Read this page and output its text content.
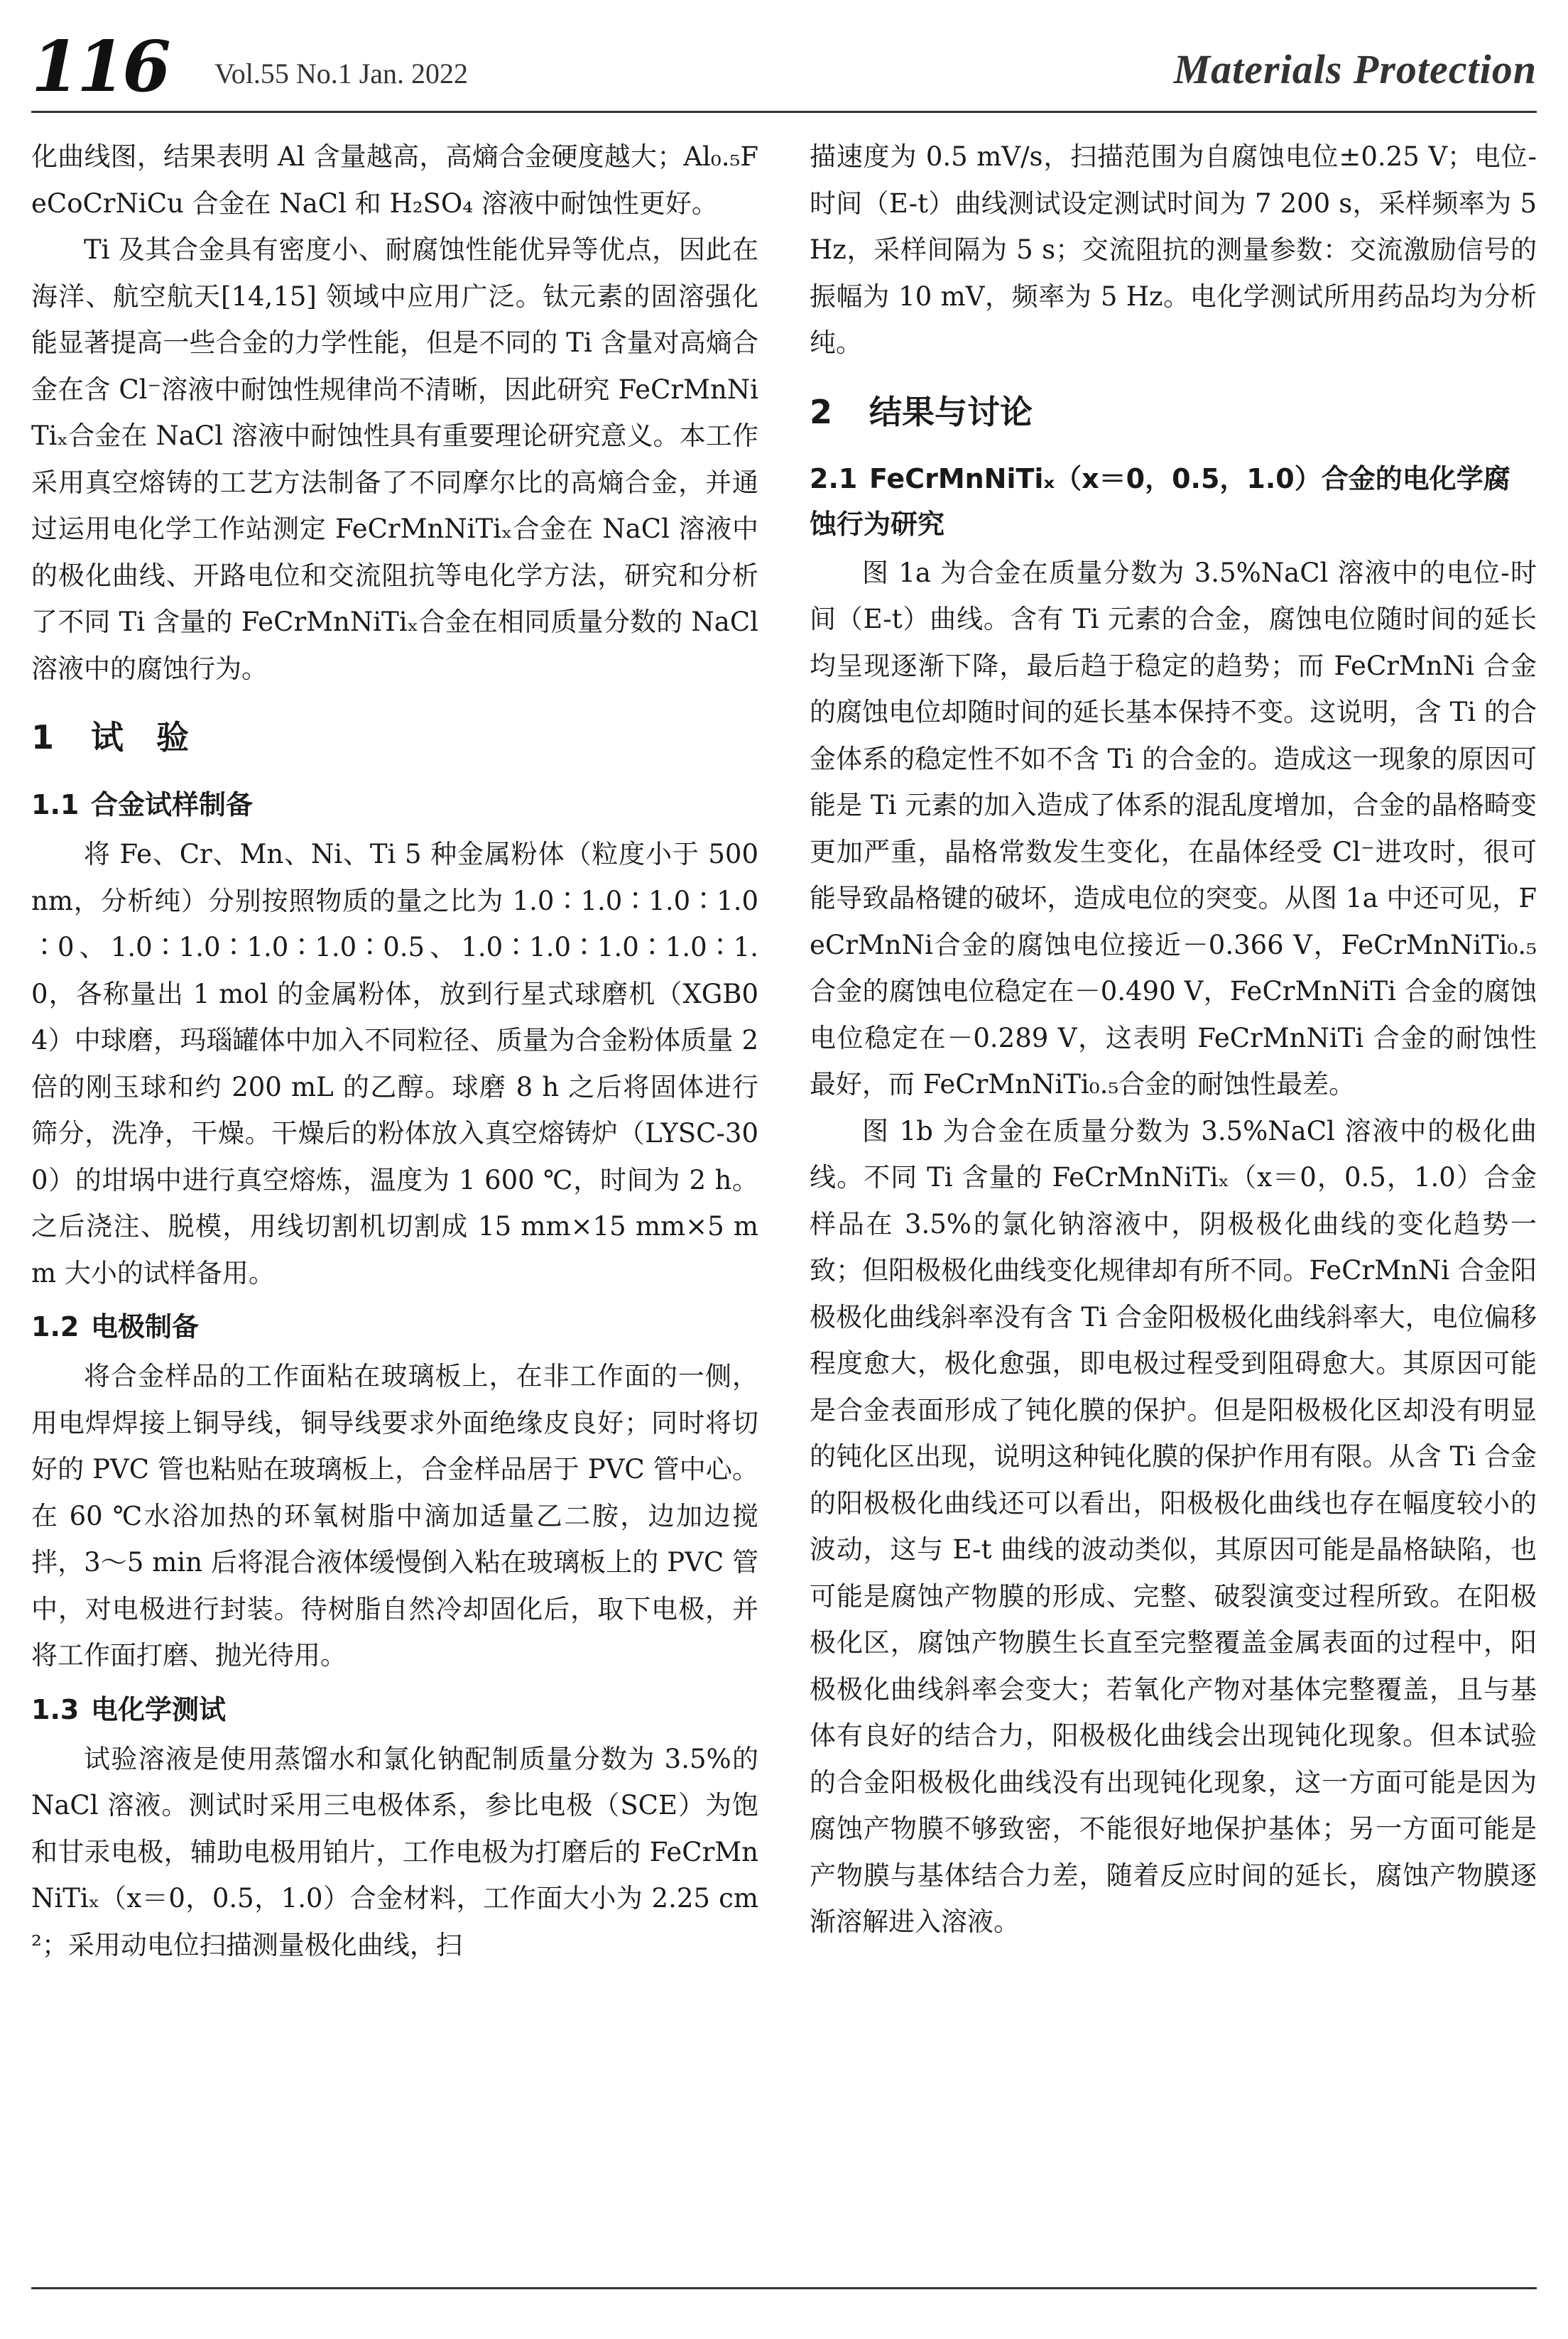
116 Vol.55 No.1 Jan. 2022	Materials Protection

化曲线图，结果表明 Al 含量越高，高熵合金硬度越大；Al₀.₅FeCoCrNiCu 合金在 NaCl 和 H₂SO₄ 溶液中耐蚀性更好。

Ti 及其合金具有密度小、耐腐蚀性能优异等优点，因此在海洋、航空航天[14,15] 领域中应用广泛。钛元素的固溶强化能显著提高一些合金的力学性能，但是不同的 Ti 含量对高熵合金在含 Cl⁻溶液中耐蚀性规律尚不清晰，因此研究 FeCrMnNiTiₓ合金在 NaCl 溶液中耐蚀性具有重要理论研究意义。本工作采用真空熔铸的工艺方法制备了不同摩尔比的高熵合金，并通过运用电化学工作站测定 FeCrMnNiTiₓ合金在 NaCl 溶液中的极化曲线、开路电位和交流阻抗等电化学方法，研究和分析了不同 Ti 含量的 FeCrMnNiTiₓ合金在相同质量分数的 NaCl 溶液中的腐蚀行为。

1 试　验
1.1 合金试样制备

将 Fe、Cr、Mn、Ni、Ti 5 种金属粉体（粒度小于 500 nm，分析纯）分别按照物质的量之比为 1.0∶1.0∶1.0∶1.0∶0、1.0∶1.0∶1.0∶1.0∶0.5、1.0∶1.0∶1.0∶1.0∶1.0，各称量出 1 mol 的金属粉体，放到行星式球磨机（XGB04）中球磨，玛瑙罐体中加入不同粒径、质量为合金粉体质量 2 倍的刚玉球和约 200 mL 的乙醇。球磨 8 h 之后将固体进行筛分，洗净，干燥。干燥后的粉体放入真空熔铸炉（LYSC-300）的坩埚中进行真空熔炼，温度为 1 600 ℃，时间为 2 h。之后浇注、脱模，用线切割机切割成 15 mm×15 mm×5 mm 大小的试样备用。

1.2 电极制备

将合金样品的工作面粘在玻璃板上，在非工作面的一侧，用电焊焊接上铜导线，铜导线要求外面绝缘皮良好；同时将切好的 PVC 管也粘贴在玻璃板上，合金样品居于 PVC 管中心。在 60 ℃水浴加热的环氧树脂中滴加适量乙二胺，边加边搅拌，3～5 min 后将混合液体缓慢倒入粘在玻璃板上的 PVC 管中，对电极进行封装。待树脂自然冷却固化后，取下电极，并将工作面打磨、抛光待用。

1.3 电化学测试

试验溶液是使用蒸馏水和氯化钠配制质量分数为 3.5%的 NaCl 溶液。测试时采用三电极体系，参比电极（SCE）为饱和甘汞电极，辅助电极用铂片，工作电极为打磨后的 FeCrMnNiTiₓ（x＝0，0.5，1.0）合金材料，工作面大小为 2.25 cm²；采用动电位扫描测量极化曲线，扫

描速度为 0.5 mV/s，扫描范围为自腐蚀电位±0.25 V；电位-时间（E-t）曲线测试设定测试时间为 7 200 s，采样频率为 5 Hz，采样间隔为 5 s；交流阻抗的测量参数：交流激励信号的振幅为 10 mV，频率为 5 Hz。电化学测试所用药品均为分析纯。

2 结果与讨论
2.1 FeCrMnNiTiₓ（x＝0，0.5，1.0）合金的电化学腐蚀行为研究

图 1a 为合金在质量分数为 3.5%NaCl 溶液中的电位-时间（E-t）曲线。含有 Ti 元素的合金，腐蚀电位随时间的延长均呈现逐渐下降，最后趋于稳定的趋势；而 FeCrMnNi 合金的腐蚀电位却随时间的延长基本保持不变。这说明，含 Ti 的合金体系的稳定性不如不含 Ti 的合金的。造成这一现象的原因可能是 Ti 元素的加入造成了体系的混乱度增加，合金的晶格畸变更加严重，晶格常数发生变化，在晶体经受 Cl⁻进攻时，很可能导致晶格键的破坏，造成电位的突变。从图 1a 中还可见，FeCrMnNi合金的腐蚀电位接近－0.366 V，FeCrMnNiTi₀.₅ 合金的腐蚀电位稳定在－0.490 V，FeCrMnNiTi 合金的腐蚀电位稳定在－0.289 V，这表明 FeCrMnNiTi 合金的耐蚀性最好，而 FeCrMnNiTi₀.₅合金的耐蚀性最差。

图 1b 为合金在质量分数为 3.5%NaCl 溶液中的极化曲线。不同 Ti 含量的 FeCrMnNiTiₓ（x＝0，0.5，1.0）合金样品在 3.5%的氯化钠溶液中，阴极极化曲线的变化趋势一致；但阳极极化曲线变化规律却有所不同。FeCrMnNi 合金阳极极化曲线斜率没有含 Ti 合金阳极极化曲线斜率大，电位偏移程度愈大，极化愈强，即电极过程受到阻碍愈大。其原因可能是合金表面形成了钝化膜的保护。但是阳极极化区却没有明显的钝化区出现，说明这种钝化膜的保护作用有限。从含 Ti 合金的阳极极化曲线还可以看出，阳极极化曲线也存在幅度较小的波动，这与 E-t 曲线的波动类似，其原因可能是晶格缺陷，也可能是腐蚀产物膜的形成、完整、破裂演变过程所致。在阳极极化区，腐蚀产物膜生长直至完整覆盖金属表面的过程中，阳极极化曲线斜率会变大；若氧化产物对基体完整覆盖，且与基体有良好的结合力，阳极极化曲线会出现钝化现象。但本试验的合金阳极极化曲线没有出现钝化现象，这一方面可能是因为腐蚀产物膜不够致密，不能很好地保护基体；另一方面可能是产物膜与基体结合力差，随着反应时间的延长，腐蚀产物膜逐渐溶解进入溶液。
